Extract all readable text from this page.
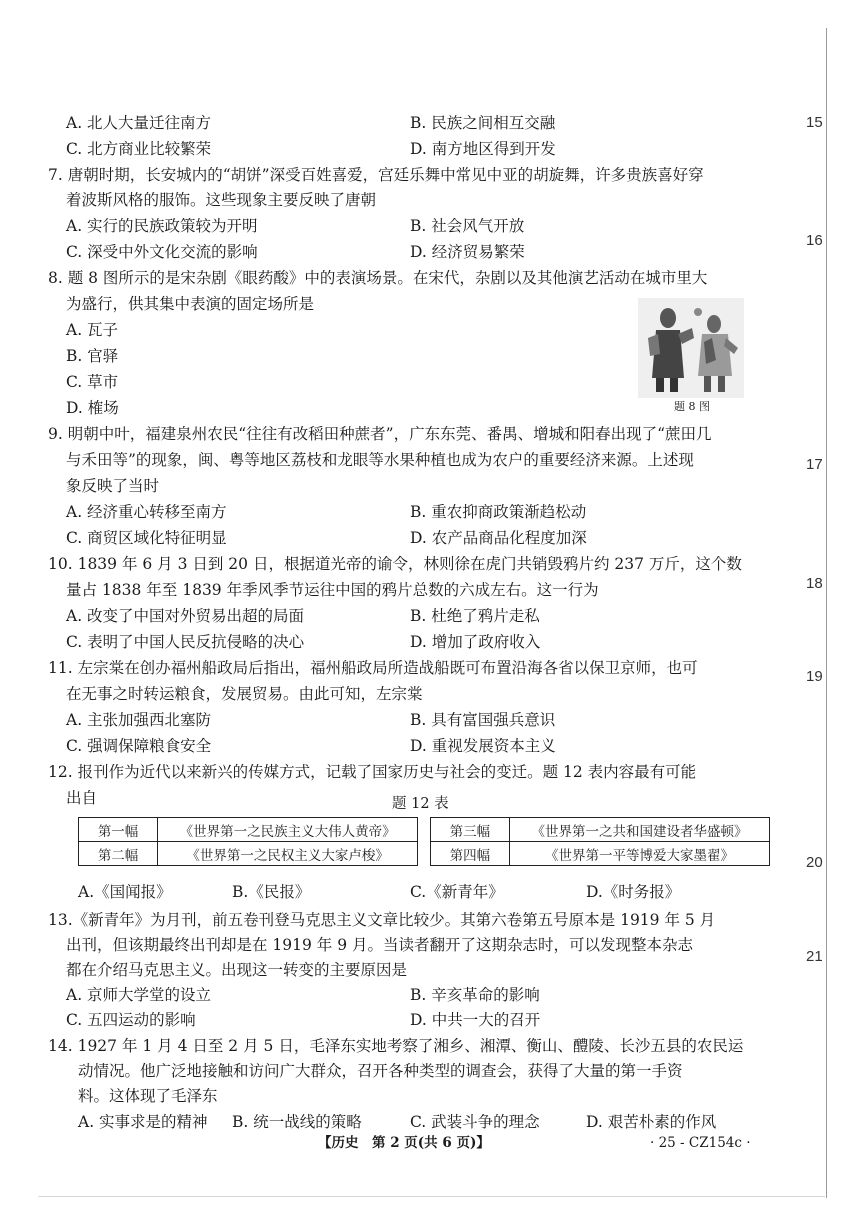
15
16
17
18
19
20
21
A. 北人大量迁往南方	B. 民族之间相互交融
C. 北方商业比较繁荣	D. 南方地区得到开发
7. 唐朝时期，长安城内的“胡饼”深受百姓喜爱，宫廷乐舞中常见中亚的胡旋舞，许多贵族喜好穿
着波斯风格的服饰。这些现象主要反映了唐朝
A. 实行的民族政策较为开明	B. 社会风气开放
C. 深受中外文化交流的影响	D. 经济贸易繁荣
8. 题 8 图所示的是宋杂剧《眼药酸》中的表演场景。在宋代，杂剧以及其他演艺活动在城市里大
为盛行，供其集中表演的固定场所是
A. 瓦子
B. 官驿
C. 草市
D. 榷场	题 8 图
9. 明朝中叶，福建泉州农民“往往有改稻田种蔗者”，广东东莞、番禺、增城和阳春出现了“蔗田几
与禾田等”的现象，闽、粤等地区荔枝和龙眼等水果种植也成为农户的重要经济来源。上述现
象反映了当时
A. 经济重心转移至南方	B. 重农抑商政策渐趋松动
C. 商贸区域化特征明显	D. 农产品商品化程度加深
10. 1839 年 6 月 3 日到 20 日，根据道光帝的谕令，林则徐在虎门共销毁鸦片约 237 万斤，这个数
量占 1838 年至 1839 年季风季节运往中国的鸦片总数的六成左右。这一行为
A. 改变了中国对外贸易出超的局面	B. 杜绝了鸦片走私
C. 表明了中国人民反抗侵略的决心	D. 增加了政府收入
11. 左宗棠在创办福州船政局后指出，福州船政局所造战船既可布置沿海各省以保卫京师，也可
在无事之时转运粮食，发展贸易。由此可知，左宗棠
A. 主张加强西北塞防	B. 具有富国强兵意识
C. 强调保障粮食安全	D. 重视发展资本主义
12. 报刊作为近代以来新兴的传媒方式，记载了国家历史与社会的变迁。题 12 表内容最有可能
出自	题 12 表
第一幅	《世界第一之民族主义大伟人黄帝》		第三幅	《世界第一之共和国建设者华盛顿》
第二幅	《世界第一之民权主义大家卢梭》		第四幅	《世界第一平等博爱大家墨翟》
A.《国闻报》	B.《民报》	C.《新青年》	D.《时务报》
13.《新青年》为月刊，前五卷刊登马克思主义文章比较少。其第六卷第五号原本是 1919 年 5 月
出刊，但该期最终出刊却是在 1919 年 9 月。当读者翻开了这期杂志时，可以发现整本杂志
都在介绍马克思主义。出现这一转变的主要原因是
A. 京师大学堂的设立	B. 辛亥革命的影响
C. 五四运动的影响	D. 中共一大的召开
14. 1927 年 1 月 4 日至 2 月 5 日，毛泽东实地考察了湘乡、湘潭、衡山、醴陵、长沙五县的农民运
动情况。他广泛地接触和访问广大群众，召开各种类型的调查会，获得了大量的第一手资
料。这体现了毛泽东
A. 实事求是的精神 B. 统一战线的策略	C. 武装斗争的理念	D. 艰苦朴素的作风
【历史　第 2 页(共 6 页)】	· 25 - CZ154c ·
